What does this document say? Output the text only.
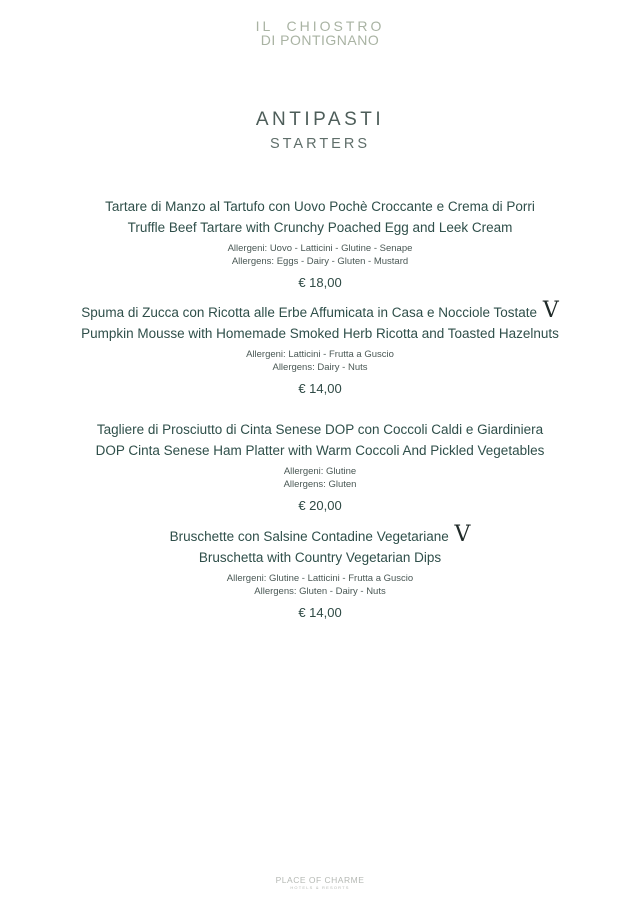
IL  CHIOSTRO
DI PONTIGNANO
ANTIPASTI
STARTERS
Tartare di Manzo al Tartufo con Uovo Pochè Croccante e Crema di Porri
Truffle Beef Tartare with Crunchy Poached Egg and Leek Cream
Allergeni: Uovo - Latticini - Glutine - Senape
Allergens: Eggs - Dairy - Gluten - Mustard
€ 18,00
Spuma di Zucca con Ricotta alle Erbe Affumicata in Casa e Nocciole Tostate V
Pumpkin Mousse with Homemade Smoked Herb Ricotta and Toasted Hazelnuts
Allergeni: Latticini - Frutta a Guscio
Allergens: Dairy - Nuts
€ 14,00
Tagliere di Prosciutto di Cinta Senese DOP con Coccoli Caldi e Giardiniera
DOP Cinta Senese Ham Platter with Warm Coccoli And Pickled Vegetables
Allergeni: Glutine
Allergens: Gluten
€ 20,00
Bruschette con Salsine Contadine Vegetariane V
Bruschetta with Country Vegetarian Dips
Allergeni: Glutine - Latticini - Frutta a Guscio
Allergens: Gluten - Dairy - Nuts
€ 14,00
PLACE OF CHARME
HOTELS & RESORTS
